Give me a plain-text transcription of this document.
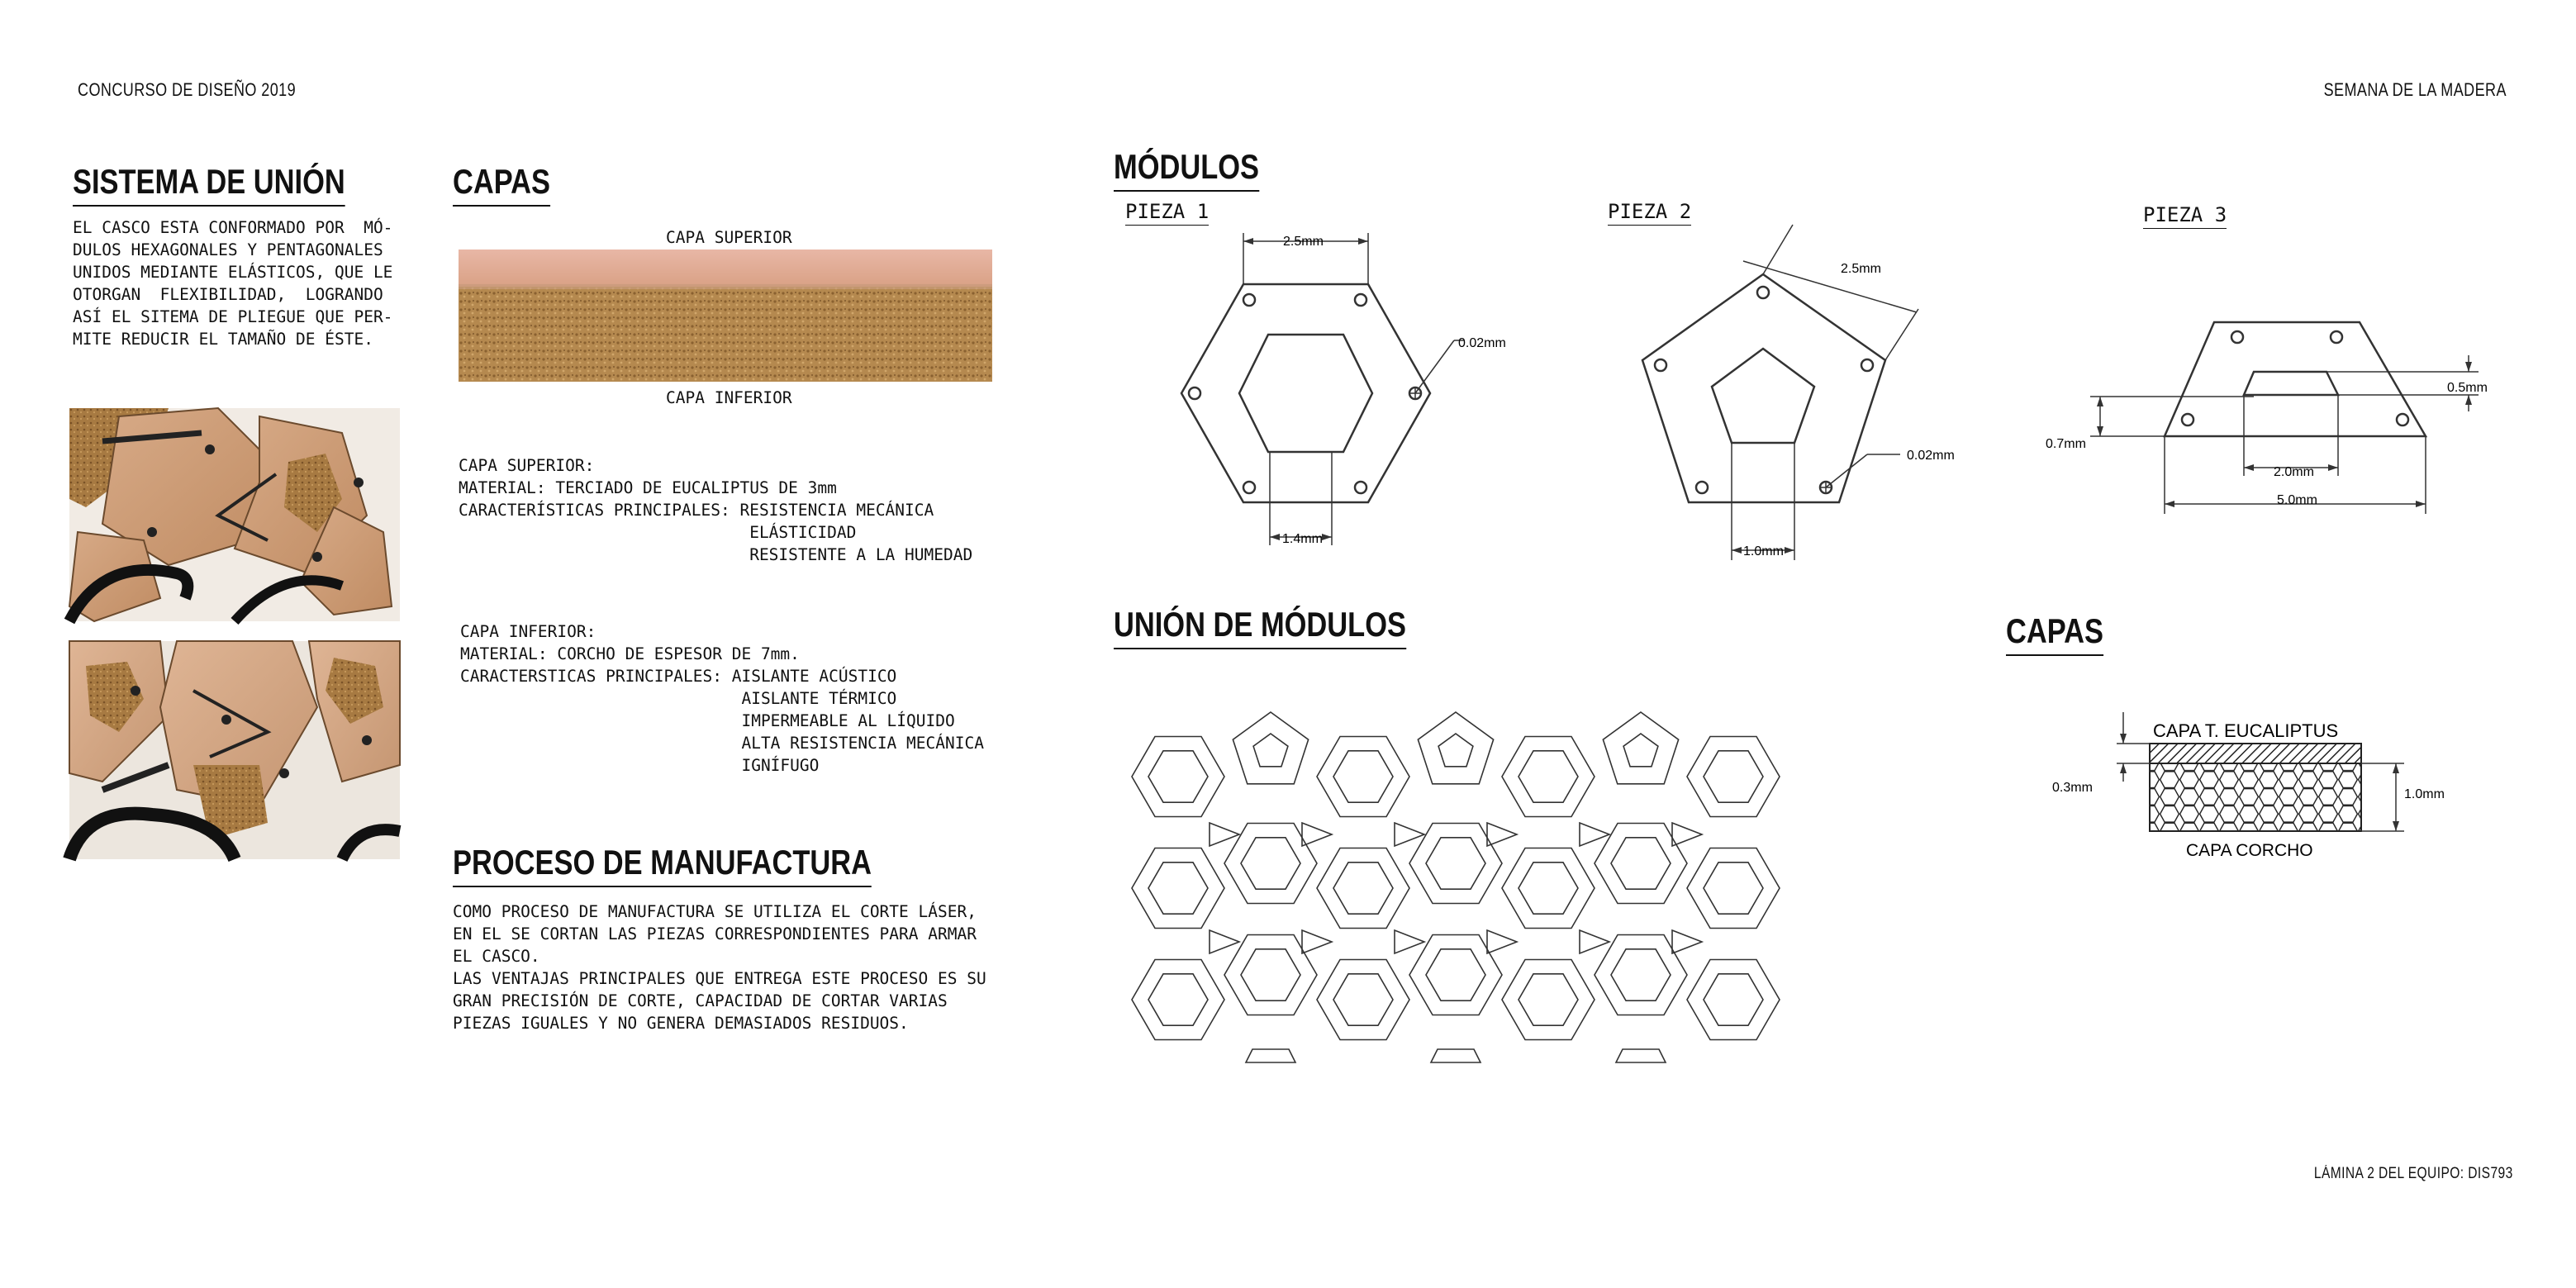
CONCURSO DE DISEÑO 2019	SEMANA DE LA MADERA
LÁMINA 2 DEL EQUIPO: DIS793
SISTEMA DE UNIÓN
EL CASCO ESTA CONFORMADO POR  MÓ-
DULOS HEXAGONALES Y PENTAGONALES
UNIDOS MEDIANTE ELÁSTICOS, QUE LE
OTORGAN  FLEXIBILIDAD,  LOGRANDO
ASÍ EL SITEMA DE PLIEGUE QUE PER-
MITE REDUCIR EL TAMAÑO DE ÉSTE.
CAPAS
CAPA SUPERIOR
CAPA INFERIOR
CAPA SUPERIOR:
MATERIAL: TERCIADO DE EUCALIPTUS DE 3mm
CARACTERÍSTICAS PRINCIPALES: RESISTENCIA MECÁNICA
ELÁSTICIDAD
RESISTENTE A LA HUMEDAD
CAPA INFERIOR:
MATERIAL: CORCHO DE ESPESOR DE 7mm.
CARACTERSTICAS PRINCIPALES: AISLANTE ACÚSTICO
AISLANTE TÉRMICO
IMPERMEABLE AL LÍQUIDO
ALTA RESISTENCIA MECÁNICA
IGNÍFUGO
PROCESO DE MANUFACTURA
COMO PROCESO DE MANUFACTURA SE UTILIZA EL CORTE LÁSER,
EN EL SE CORTAN LAS PIEZAS CORRESPONDIENTES PARA ARMAR
EL CASCO.
LAS VENTAJAS PRINCIPALES QUE ENTREGA ESTE PROCESO ES SU
GRAN PRECISIÓN DE CORTE, CAPACIDAD DE CORTAR VARIAS
PIEZAS IGUALES Y NO GENERA DEMASIADOS RESIDUOS.
MÓDULOS
PIEZA 1
2.5mm
0.02mm
1.4mm
PIEZA 2
2.5mm
0.02mm
1.0mm
PIEZA 3
0.5mm
0.7mm
2.0mm
5.0mm
UNIÓN DE MÓDULOS	CAPAS
CAPA T. EUCALIPTUS
CAPA CORCHO
0.3mm	1.0mm
